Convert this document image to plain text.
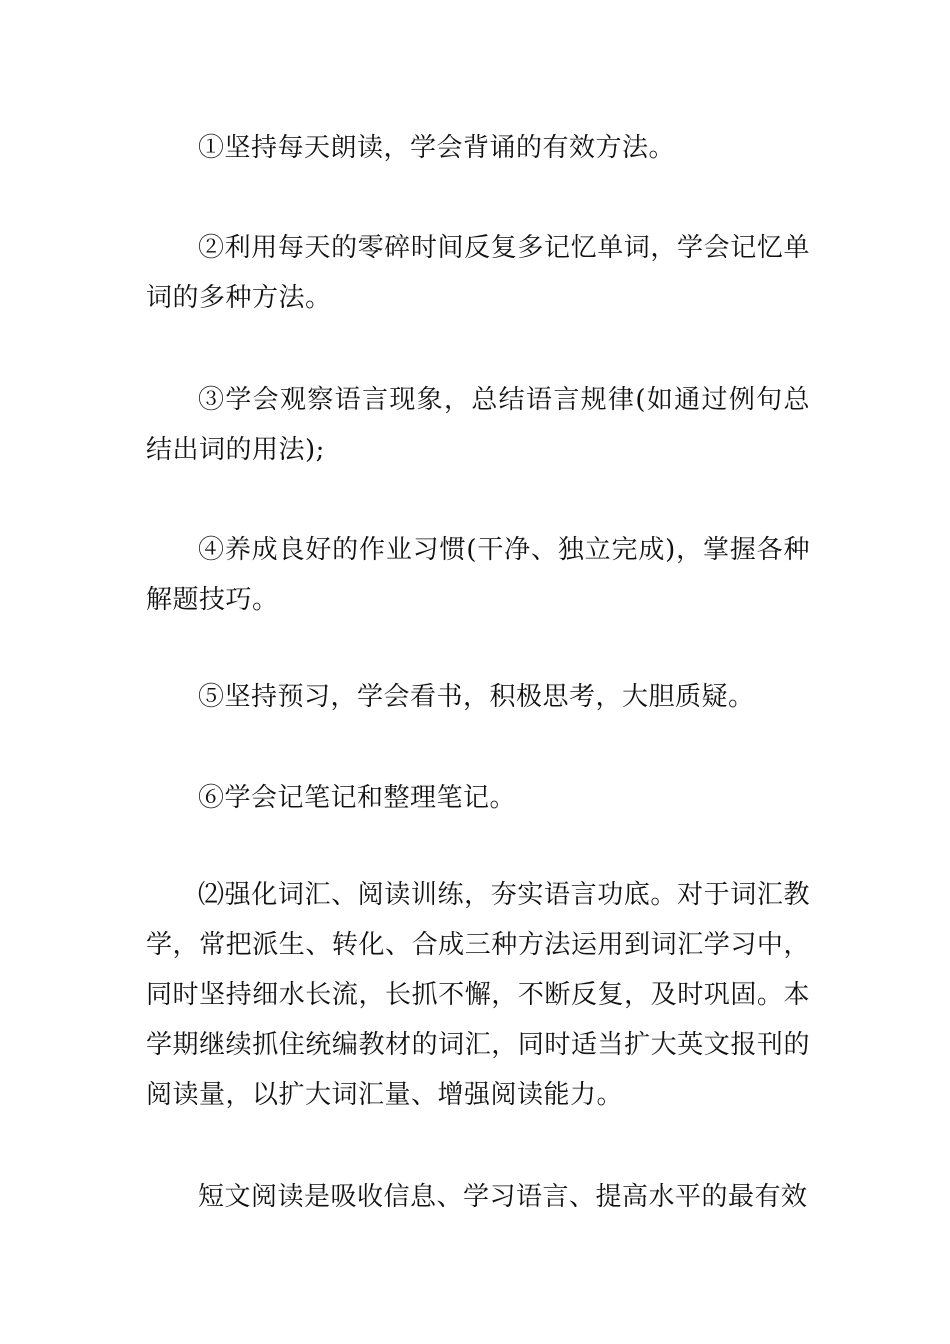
①坚持每天朗读，学会背诵的有效方法。

②利用每天的零碎时间反复多记忆单词，学会记忆单词的多种方法。

③学会观察语言现象，总结语言规律(如通过例句总结出词的用法);

④养成良好的作业习惯(干净、独立完成)，掌握各种解题技巧。

⑤坚持预习，学会看书，积极思考，大胆质疑。

⑥学会记笔记和整理笔记。

⑵强化词汇、阅读训练，夯实语言功底。对于词汇教学，常把派生、转化、合成三种方法运用到词汇学习中，同时坚持细水长流，长抓不懈，不断反复，及时巩固。本学期继续抓住统编教材的词汇，同时适当扩大英文报刊的阅读量，以扩大词汇量、增强阅读能力。

短文阅读是吸收信息、学习语言、提高水平的最有效
